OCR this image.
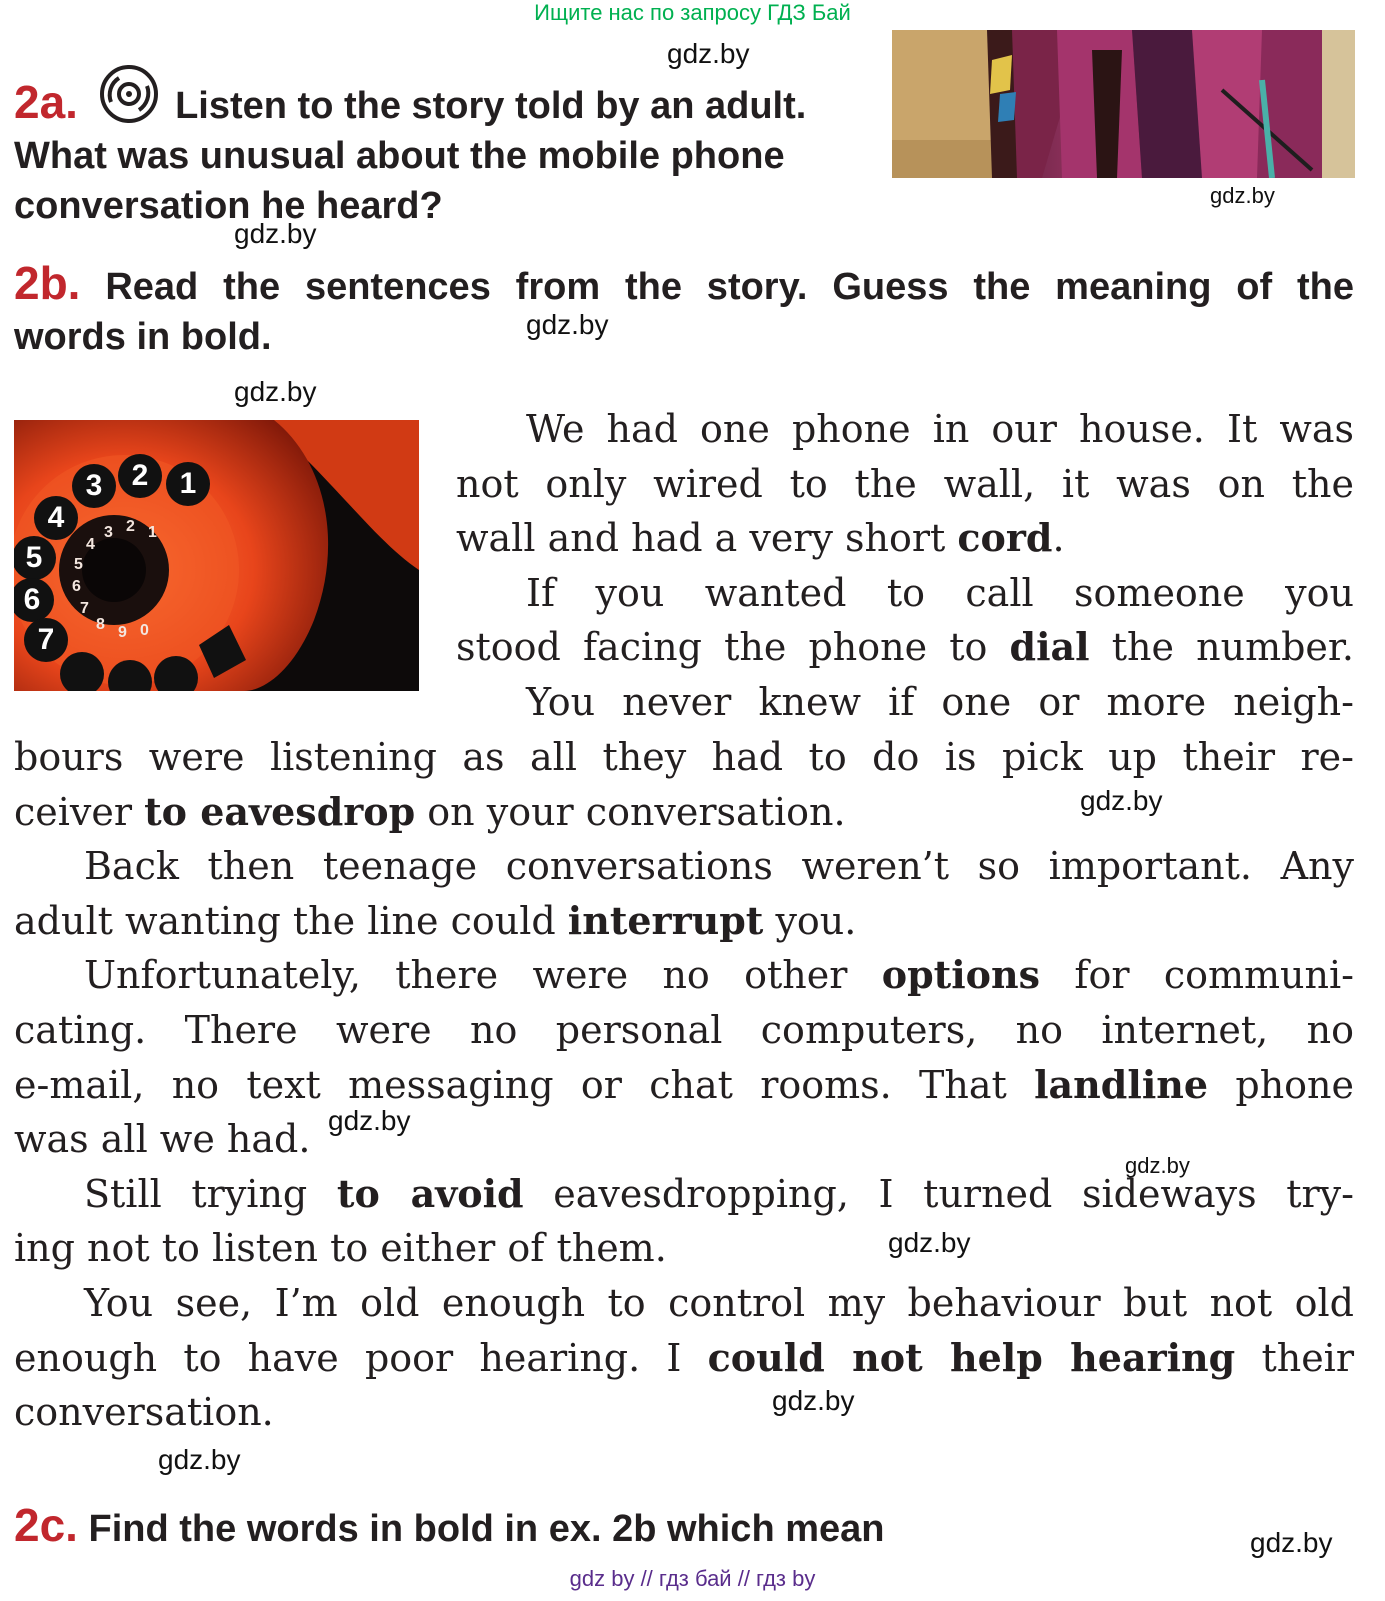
Ищите нас по запросу ГДЗ Бай
gdz.by
gdz.by
gdz.by
gdz.by
gdz.by
gdz.by
gdz.by
gdz.by
gdz.by
gdz.by
gdz.by
gdz.by
2a.	Listen to the story told by an adult.
What was unusual about the mobile phone
conversation he heard?
2b. Read the sentences from the story. Guess the meaning of the
words in bold.
1
2
3
4
5
6
7
1
2
3
4
5
6
7
8 9 0
We had one phone in our house. It was
not only wired to the wall, it was on the
wall and had a very short cord.
If you wanted to call someone you
stood facing the phone to dial the number.
You never knew if one or more neigh-
bours were listening as all they had to do is pick up their re-
ceiver to eavesdrop on your conversation.
Back then teenage conversations weren’t so important. Any
adult wanting the line could interrupt you.
Unfortunately, there were no other options for communi-
cating. There were no personal computers, no internet, no
e-mail, no text messaging or chat rooms. That landline phone
was all we had.
Still trying to avoid eavesdropping, I turned sideways try-
ing not to listen to either of them.
You see, I’m old enough to control my behaviour but not old
enough to have poor hearing. I could not help hearing their
conversation.
2c. Find the words in bold in ex. 2b which mean
gdz by // гдз бай // гдз by
